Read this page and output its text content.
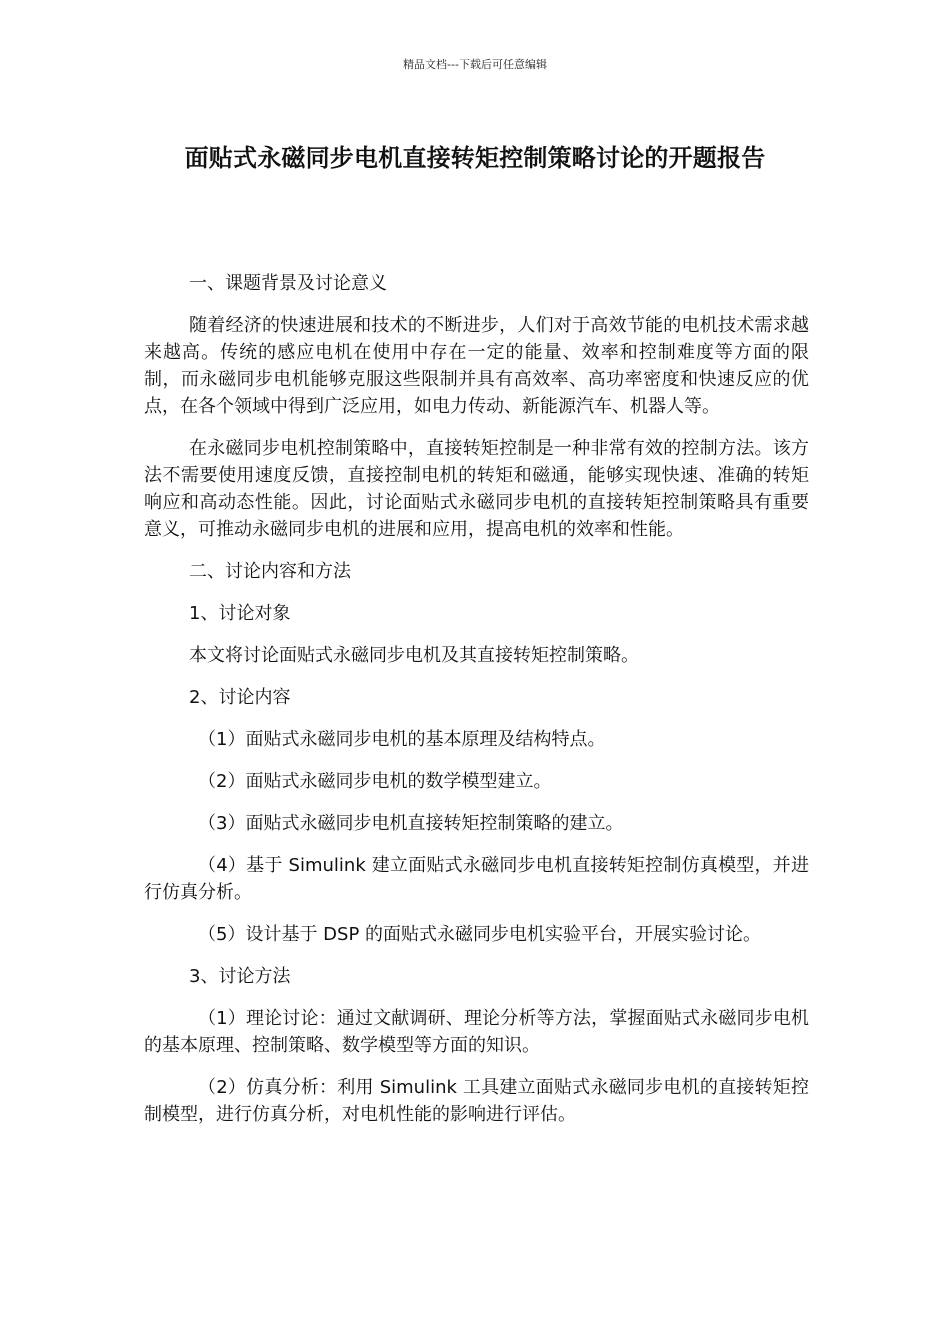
精品文档---下载后可任意编辑
面贴式永磁同步电机直接转矩控制策略讨论的开题报告

一、课题背景及讨论意义

随着经济的快速进展和技术的不断进步，人们对于高效节能的电机技术需求越来越高。传统的感应电机在使用中存在一定的能量、效率和控制难度等方面的限制，而永磁同步电机能够克服这些限制并具有高效率、高功率密度和快速反应的优点，在各个领域中得到广泛应用，如电力传动、新能源汽车、机器人等。

在永磁同步电机控制策略中，直接转矩控制是一种非常有效的控制方法。该方法不需要使用速度反馈，直接控制电机的转矩和磁通，能够实现快速、准确的转矩响应和高动态性能。因此，讨论面贴式永磁同步电机的直接转矩控制策略具有重要意义，可推动永磁同步电机的进展和应用，提高电机的效率和性能。

二、讨论内容和方法

1、讨论对象

本文将讨论面贴式永磁同步电机及其直接转矩控制策略。

2、讨论内容

（1）面贴式永磁同步电机的基本原理及结构特点。

（2）面贴式永磁同步电机的数学模型建立。

（3）面贴式永磁同步电机直接转矩控制策略的建立。

（4）基于 Simulink 建立面贴式永磁同步电机直接转矩控制仿真模型，并进行仿真分析。

（5）设计基于 DSP 的面贴式永磁同步电机实验平台，开展实验讨论。

3、讨论方法

（1）理论讨论：通过文献调研、理论分析等方法，掌握面贴式永磁同步电机的基本原理、控制策略、数学模型等方面的知识。

（2）仿真分析：利用 Simulink 工具建立面贴式永磁同步电机的直接转矩控制模型，进行仿真分析，对电机性能的影响进行评估。
